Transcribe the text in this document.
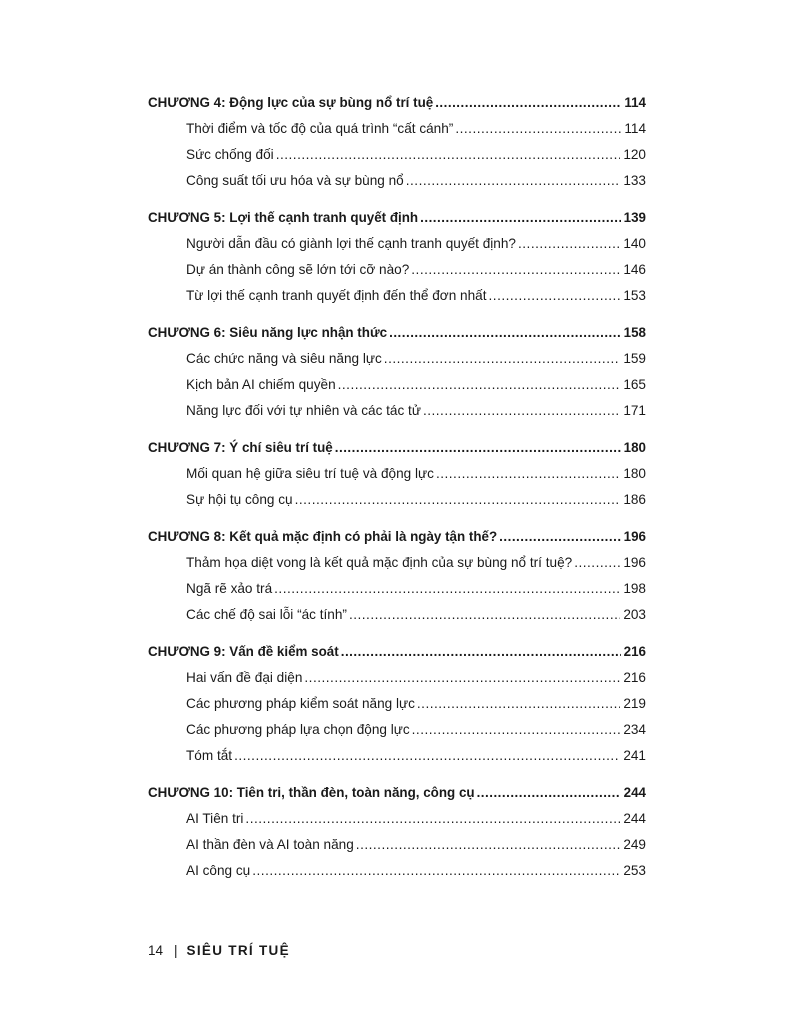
CHƯƠNG 4: Động lực của sự bùng nổ trí tuệ .....	114
Thời điểm và tốc độ của quá trình “cất cánh” .....	114
Sức chống đối .....	120
Công suất tối ưu hóa và sự bùng nổ .....	133
CHƯƠNG 5: Lợi thế cạnh tranh quyết định .....	139
Người dẫn đầu có giành lợi thế cạnh tranh quyết định? .....	140
Dự án thành công sẽ lớn tới cỡ nào? .....	146
Từ lợi thế cạnh tranh quyết định đến thể đơn nhất .....	153
CHƯƠNG 6: Siêu năng lực nhận thức .....	158
Các chức năng và siêu năng lực .....	159
Kịch bản AI chiếm quyền .....	165
Năng lực đối với tự nhiên và các tác tử .....	171
CHƯƠNG 7: Ý chí siêu trí tuệ .....	180
Mối quan hệ giữa siêu trí tuệ và động lực .....	180
Sự hội tụ công cụ .....	186
CHƯƠNG 8: Kết quả mặc định có phải là ngày tận thế? .....	196
Thảm họa diệt vong là kết quả mặc định của sự bùng nổ trí tuệ? .....	196
Ngã rẽ xảo trá .....	198
Các chế độ sai lỗi “ác tính” .....	203
CHƯƠNG 9: Vấn đề kiểm soát .....	216
Hai vấn đề đại diện .....	216
Các phương pháp kiểm soát năng lực .....	219
Các phương pháp lựa chọn động lực .....	234
Tóm tắt .....	241
CHƯƠNG 10: Tiên tri, thần đèn, toàn năng, công cụ .....	244
AI Tiên tri .....	244
AI thần đèn và AI toàn năng .....	249
AI công cụ .....	253
14 | SIÊU TRÍ TUỆ
